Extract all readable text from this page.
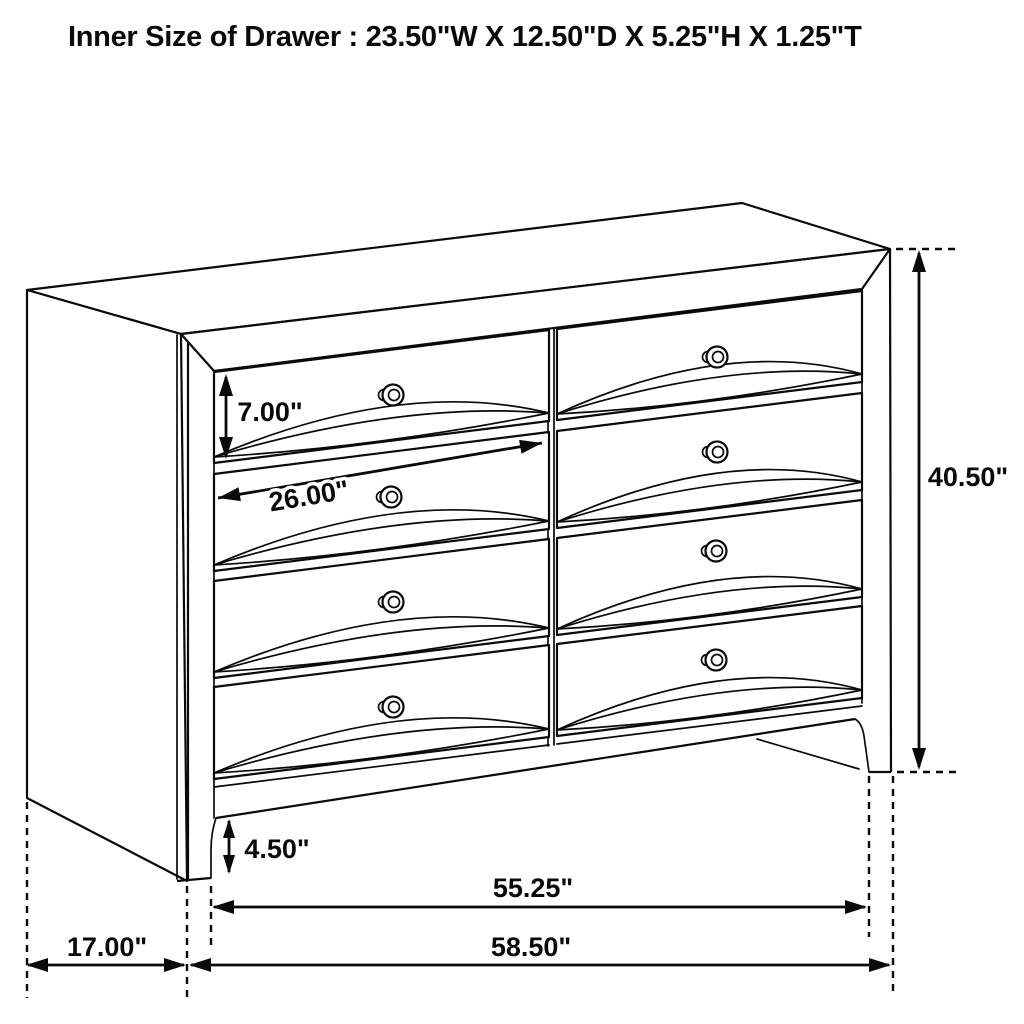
Inner Size of Drawer : 23.50"W X 12.50"D X 5.25"H X 1.25"T
7.00"
26.00"	40.50"
4.50"
55.25"
58.50"
17.00"
